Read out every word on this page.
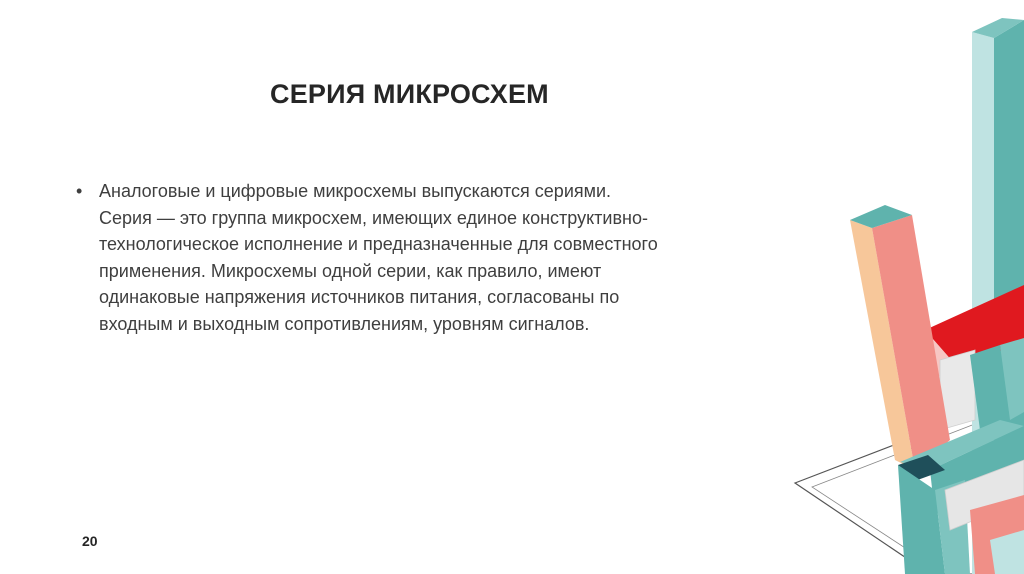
СЕРИЯ МИКРОСХЕМ
• Аналоговые и цифровые микросхемы выпускаются сериями.
Серия — это группа микросхем, имеющих единое конструктивно-
технологическое исполнение и предназначенные для совместного
применения. Микросхемы одной серии, как правило, имеют
одинаковые напряжения источников питания, согласованы по
входным и выходным сопротивлениям, уровням сигналов.
20
